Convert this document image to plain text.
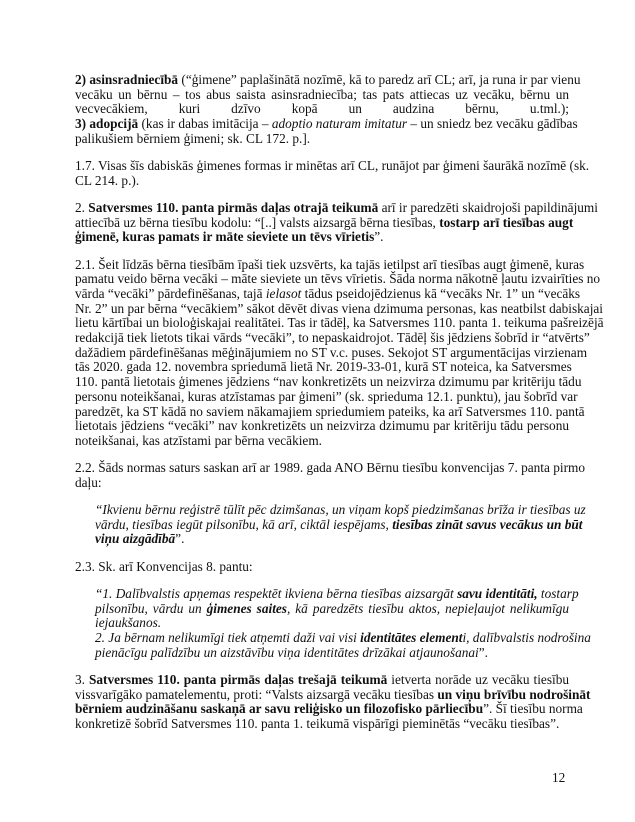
2) asinsradniecībā (“ģimene” paplašinātā nozīmē, kā to paredz arī CL; arī, ja runa ir par vienu
vecāku un bērnu – tos abus saista asinsradniecība; tas pats attiecas uz vecāku, bērnu un
vecvecākiem, kuri dzīvo kopā un audzina bērnu, u.tml.);
3) adopcijā (kas ir dabas imitācija – adoptio naturam imitatur – un sniedz bez vecāku gādības
palikušiem bērniem ģimeni; sk. CL 172. p.].
1.7. Visas šīs dabiskās ģimenes formas ir minētas arī CL, runājot par ģimeni šaurākā nozīmē (sk.
CL 214. p.).
2. Satversmes 110. panta pirmās daļas otrajā teikumā arī ir paredzēti skaidrojoši papildinājumi
attiecībā uz bērna tiesību kodolu: “[..] valsts aizsargā bērna tiesības, tostarp arī tiesības augt
ģimenē, kuras pamats ir māte sieviete un tēvs vīrietis”.
2.1. Šeit līdzās bērna tiesībām īpaši tiek uzsvērts, ka tajās ietilpst arī tiesības augt ģimenē, kuras
pamatu veido bērna vecāki – māte sieviete un tēvs vīrietis. Šāda norma nākotnē ļautu izvairīties no
vārda “vecāki” pārdefinēšanas, tajā ielasot tādus pseidojēdzienus kā “vecāks Nr. 1” un “vecāks
Nr. 2” un par bērna “vecākiem” sākot dēvēt divas viena dzimuma personas, kas neatbilst dabiskajai
lietu kārtībai un bioloģiskajai realitātei. Tas ir tādēļ, ka Satversmes 110. panta 1. teikuma pašreizējā
redakcijā tiek lietots tikai vārds “vecāki”, to nepaskaidrojot. Tādēļ šis jēdziens šobrīd ir “atvērts”
dažādiem pārdefinēšanas mēģinājumiem no ST v.c. puses. Sekojot ST argumentācijas virzienam
tās 2020. gada 12. novembra spriedumā lietā Nr. 2019-33-01, kurā ST noteica, ka Satversmes
110. pantā lietotais ģimenes jēdziens “nav konkretizēts un neizvirza dzimumu par kritēriju tādu
personu noteikšanai, kuras atzīstamas par ģimeni” (sk. sprieduma 12.1. punktu), jau šobrīd var
paredzēt, ka ST kādā no saviem nākamajiem spriedumiem pateiks, ka arī Satversmes 110. pantā
lietotais jēdziens “vecāki” nav konkretizēts un neizvirza dzimumu par kritēriju tādu personu
noteikšanai, kas atzīstami par bērna vecākiem.
2.2. Šāds normas saturs saskan arī ar 1989. gada ANO Bērnu tiesību konvencijas 7. panta pirmo
daļu:
“Ikvienu bērnu reģistrē tūlīt pēc dzimšanas, un viņam kopš piedzimšanas brīža ir tiesības uz
vārdu, tiesības iegūt pilsonību, kā arī, ciktāl iespējams, tiesības zināt savus vecākus un būt
viņu aizgādībā”.
2.3. Sk. arī Konvencijas 8. pantu:
“1. Dalībvalstis apņemas respektēt ikviena bērna tiesības aizsargāt savu identitāti, tostarp
pilsonību, vārdu un ģimenes saites, kā paredzēts tiesību aktos, nepieļaujot nelikumīgu
iejaukšanos.
2. Ja bērnam nelikumīgi tiek atņemti daži vai visi identitātes elementi, dalībvalstis nodrošina
pienācīgu palīdzību un aizstāvību viņa identitātes drīzākai atjaunošanai”.
3. Satversmes 110. panta pirmās daļas trešajā teikumā ietverta norāde uz vecāku tiesību
vissvarīgāko pamatelementu, proti: “Valsts aizsargā vecāku tiesības un viņu brīvību nodrošināt
bērniem audzināšanu saskaņā ar savu reliģisko un filozofisko pārliecību”. Šī tiesību norma
konkretizē šobrīd Satversmes 110. panta 1. teikumā vispārīgi pieminētās “vecāku tiesības”.
12
